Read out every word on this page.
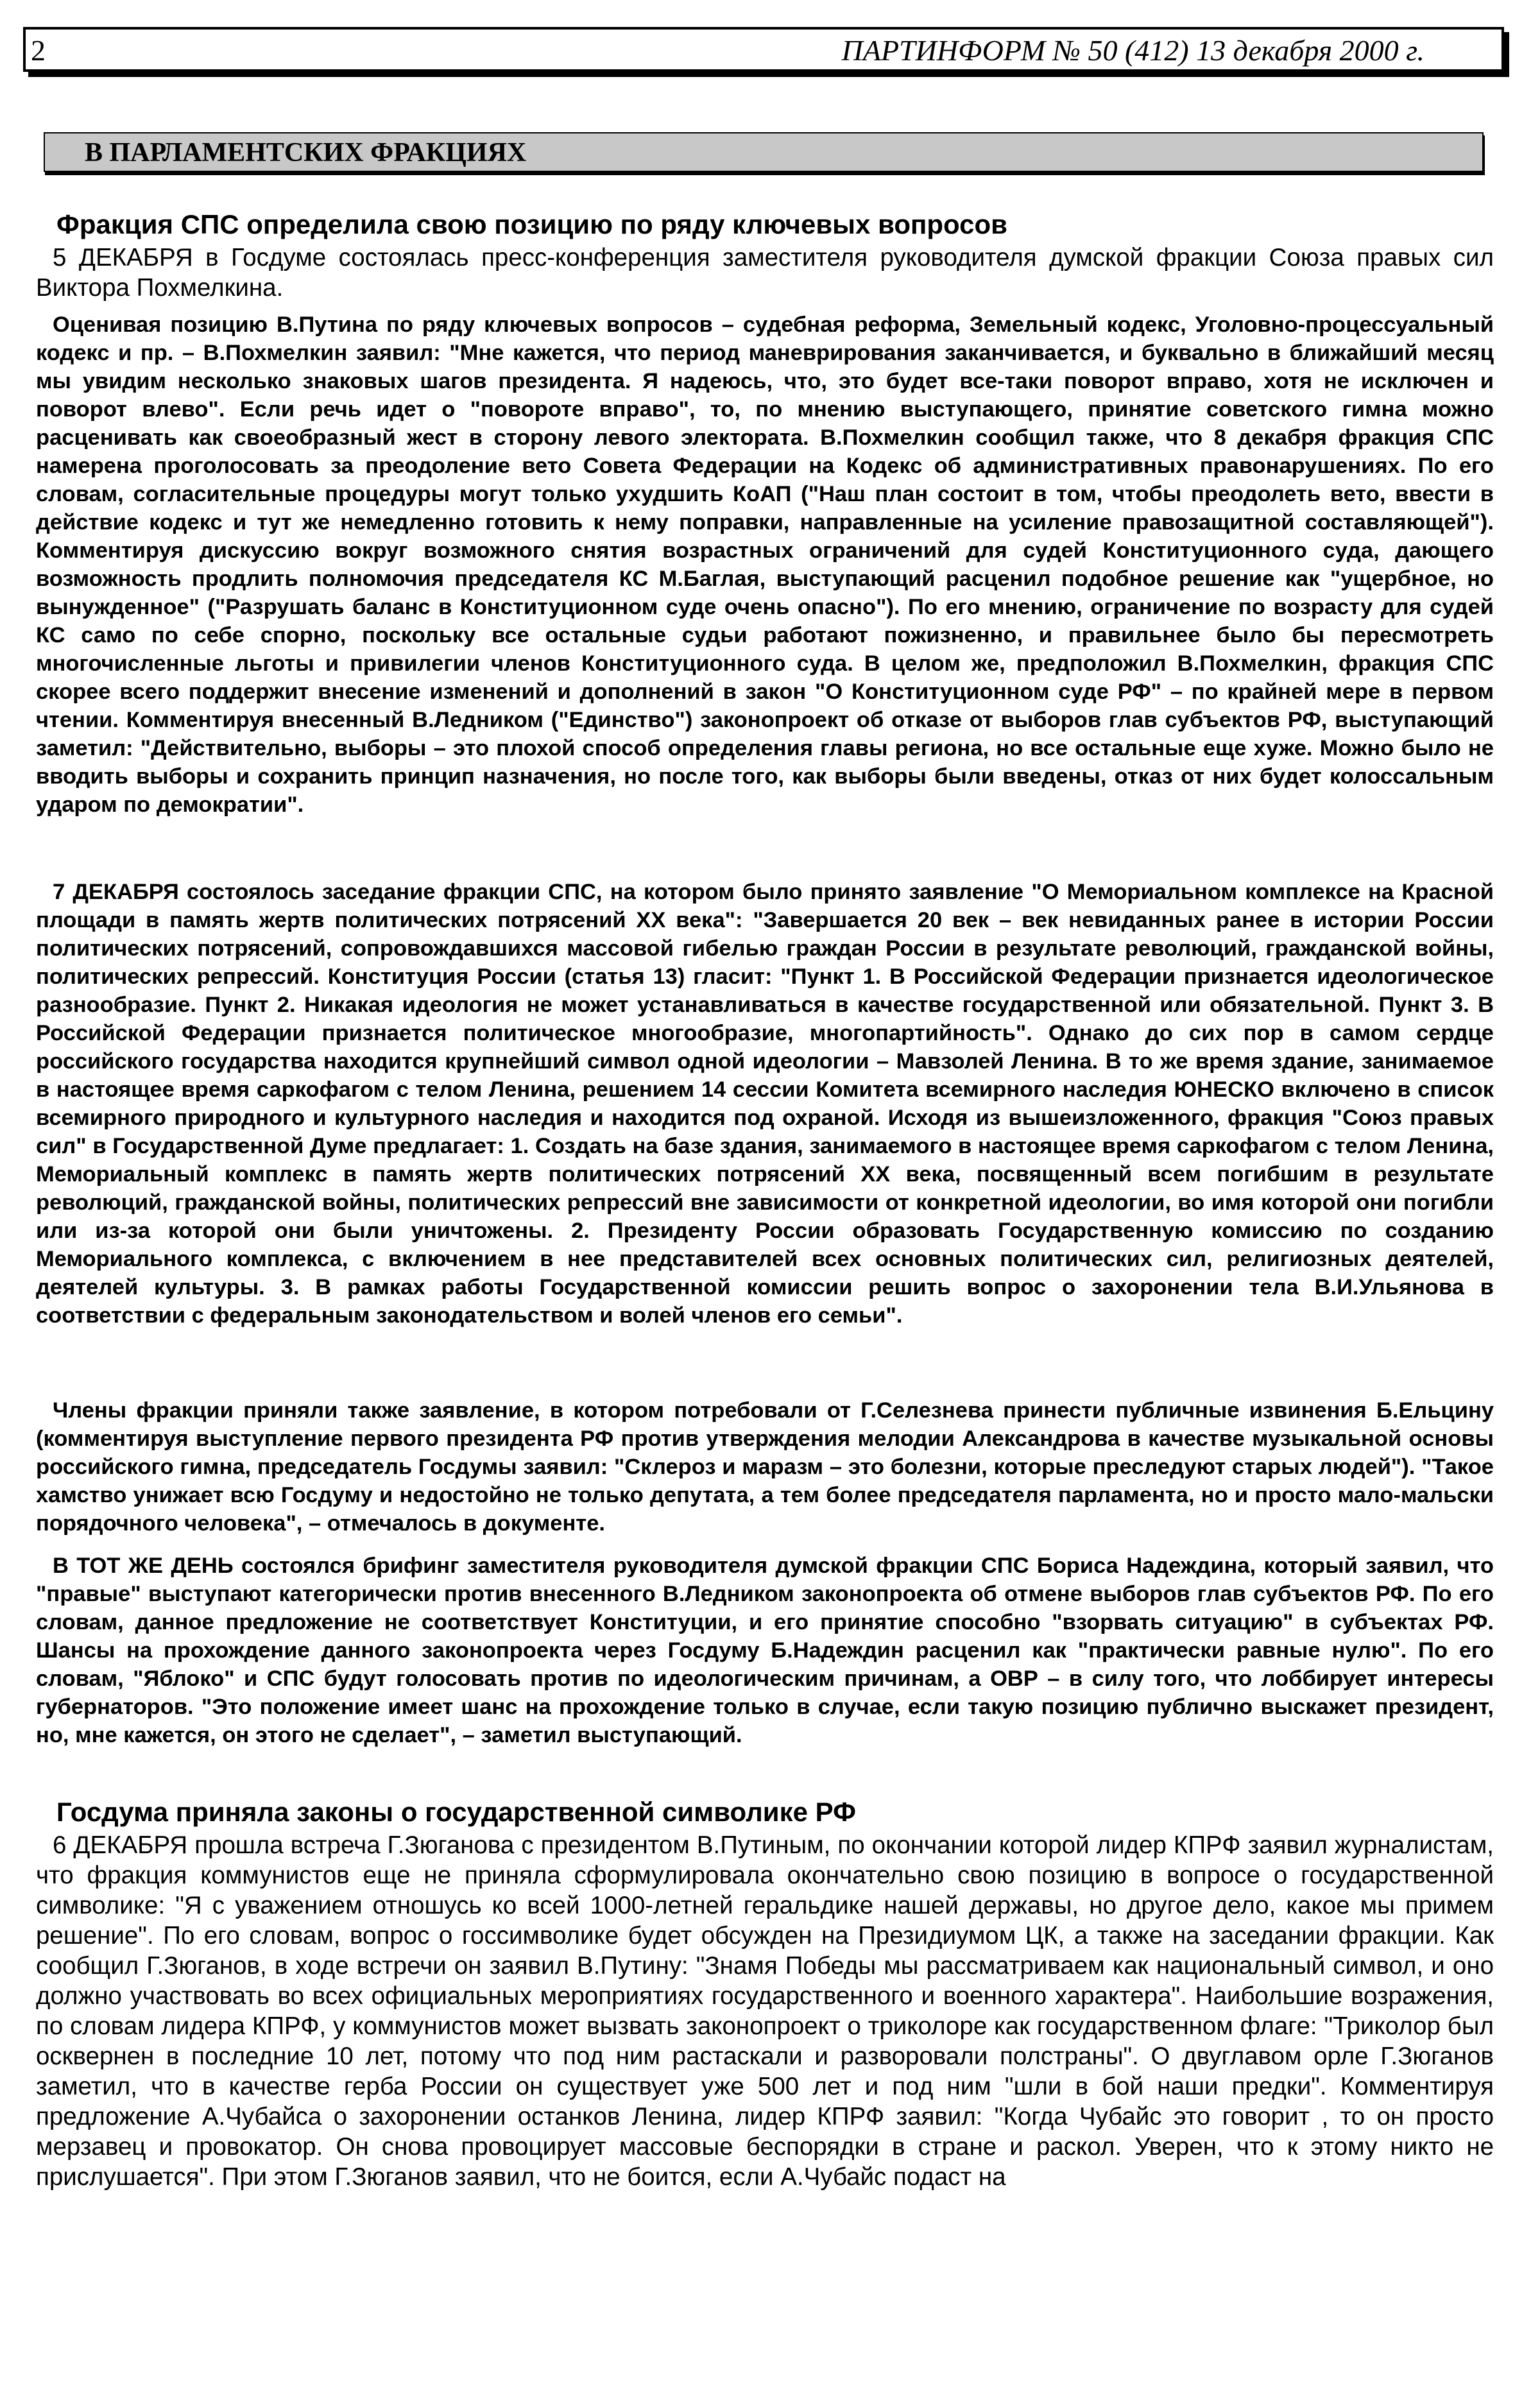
2	ПАРТИНФОРМ № 50 (412) 13 декабря 2000 г.
В ПАРЛАМЕНТСКИХ ФРАКЦИЯХ
Фракция СПС определила свою позицию по ряду ключевых вопросов

5 ДЕКАБРЯ в Госдуме состоялась пресс-конференция заместителя руководителя думской фракции Союза правых сил Виктора Похмелкина.

Оценивая позицию В.Путина по ряду ключевых вопросов – судебная реформа, Земельный кодекс, Уголовно-процессуальный кодекс и пр. – В.Похмелкин заявил: "Мне кажется, что период маневрирования заканчивается, и буквально в ближайший месяц мы увидим несколько знаковых шагов президента. Я надеюсь, что, это будет все-таки поворот вправо, хотя не исключен и поворот влево". Если речь идет о "повороте вправо", то, по мнению выступающего, принятие советского гимна можно расценивать как своеобразный жест в сторону левого электората. В.Похмелкин сообщил также, что 8 декабря фракция СПС намерена проголосовать за преодоление вето Совета Федерации на Кодекс об административных правонарушениях. По его словам, согласительные процедуры могут только ухудшить КоАП ("Наш план состоит в том, чтобы преодолеть вето, ввести в действие кодекс и тут же немедленно готовить к нему поправки, направленные на усиление правозащитной составляющей"). Комментируя дискуссию вокруг возможного снятия возрастных ограничений для судей Конституционного суда, дающего возможность продлить полномочия председателя КС М.Баглая, выступающий расценил подобное решение как "ущербное, но вынужденное" ("Разрушать баланс в Конституционном суде очень опасно"). По его мнению, ограничение по возрасту для судей КС само по себе спорно, поскольку все остальные судьи работают пожизненно, и правильнее было бы пересмотреть многочисленные льготы и привилегии членов Конституционного суда. В целом же, предположил В.Похмелкин, фракция СПС скорее всего поддержит внесение изменений и дополнений в закон "О Конституционном суде РФ" – по крайней мере в первом чтении. Комментируя внесенный В.Ледником ("Единство") законопроект об отказе от выборов глав субъектов РФ, выступающий заметил: "Действительно, выборы – это плохой способ определения главы региона, но все остальные еще хуже. Можно было не вводить выборы и сохранить принцип назначения, но после того, как выборы были введены, отказ от них будет колоссальным ударом по демократии".

7 ДЕКАБРЯ состоялось заседание фракции СПС, на котором было принято заявление "О Мемориальном комплексе на Красной площади в память жертв политических потрясений XX века": "Завершается 20 век – век невиданных ранее в истории России политических потрясений, сопровождавшихся массовой гибелью граждан России в результате революций, гражданской войны, политических репрессий. Конституция России (статья 13) гласит: "Пункт 1. В Российской Федерации признается идеологическое разнообразие. Пункт 2. Никакая идеология не может устанавливаться в качестве государственной или обязательной. Пункт 3. В Российской Федерации признается политическое многообразие, многопартийность". Однако до сих пор в самом сердце российского государства находится крупнейший символ одной идеологии – Мавзолей Ленина. В то же время здание, занимаемое в настоящее время саркофагом с телом Ленина, решением 14 сессии Комитета всемирного наследия ЮНЕСКО включено в список всемирного природного и культурного наследия и находится под охраной. Исходя из вышеизложенного, фракция "Союз правых сил" в Государственной Думе предлагает: 1. Создать на базе здания, занимаемого в настоящее время саркофагом с телом Ленина, Мемориальный комплекс в память жертв политических потрясений XX века, посвященный всем погибшим в результате революций, гражданской войны, политических репрессий вне зависимости от конкретной идеологии, во имя которой они погибли или из-за которой они были уничтожены. 2. Президенту России образовать Государственную комиссию по созданию Мемориального комплекса, с включением в нее представителей всех основных политических сил, религиозных деятелей, деятелей культуры. 3. В рамках работы Государственной комиссии решить вопрос о захоронении тела В.И.Ульянова в соответствии с федеральным законодательством и волей членов его семьи".

Члены фракции приняли также заявление, в котором потребовали от Г.Селезнева принести публичные извинения Б.Ельцину (комментируя выступление первого президента РФ против утверждения мелодии Александрова в качестве музыкальной основы российского гимна, председатель Госдумы заявил: "Склероз и маразм – это болезни, которые преследуют старых людей"). "Такое хамство унижает всю Госдуму и недостойно не только депутата, а тем более председателя парламента, но и просто мало-мальски порядочного человека", – отмечалось в документе.

В ТОТ ЖЕ ДЕНЬ состоялся брифинг заместителя руководителя думской фракции СПС Бориса Надеждина, который заявил, что "правые" выступают категорически против внесенного В.Ледником законопроекта об отмене выборов глав субъектов РФ. По его словам, данное предложение не соответствует Конституции, и его принятие способно "взорвать ситуацию" в субъектах РФ. Шансы на прохождение данного законопроекта через Госдуму Б.Надеждин расценил как "практически равные нулю". По его словам, "Яблоко" и СПС будут голосовать против по идеологическим причинам, а ОВР – в силу того, что лоббирует интересы губернаторов. "Это положение имеет шанс на прохождение только в случае, если такую позицию публично выскажет президент, но, мне кажется, он этого не сделает", – заметил выступающий.

Госдума приняла законы о государственной символике РФ

6 ДЕКАБРЯ прошла встреча Г.Зюганова с президентом В.Путиным, по окончании которой лидер КПРФ заявил журналистам, что фракция коммунистов еще не приняла сформулировала окончательно свою позицию в вопросе о государственной символике: "Я с уважением отношусь ко всей 1000-летней геральдике нашей державы, но другое дело, какое мы примем решение". По его словам, вопрос о госсимволике будет обсужден на Президиумом ЦК, а также на заседании фракции. Как сообщил Г.Зюганов, в ходе встречи он заявил В.Путину: "Знамя Победы мы рассматриваем как национальный символ, и оно должно участвовать во всех официальных мероприятиях государственного и военного характера". Наибольшие возражения, по словам лидера КПРФ, у коммунистов может вызвать законопроект о триколоре как государственном флаге: "Триколор был осквернен в последние 10 лет, потому что под ним растаскали и разворовали полстраны". О двуглавом орле Г.Зюганов заметил, что в качестве герба России он существует уже 500 лет и под ним "шли в бой наши предки". Комментируя предложение А.Чубайса о захоронении останков Ленина, лидер КПРФ заявил: "Когда Чубайс это говорит , то он просто мерзавец и провокатор. Он снова провоцирует массовые беспорядки в стране и раскол. Уверен, что к этому никто не прислушается". При этом Г.Зюганов заявил, что не боится, если А.Чубайс подаст на
